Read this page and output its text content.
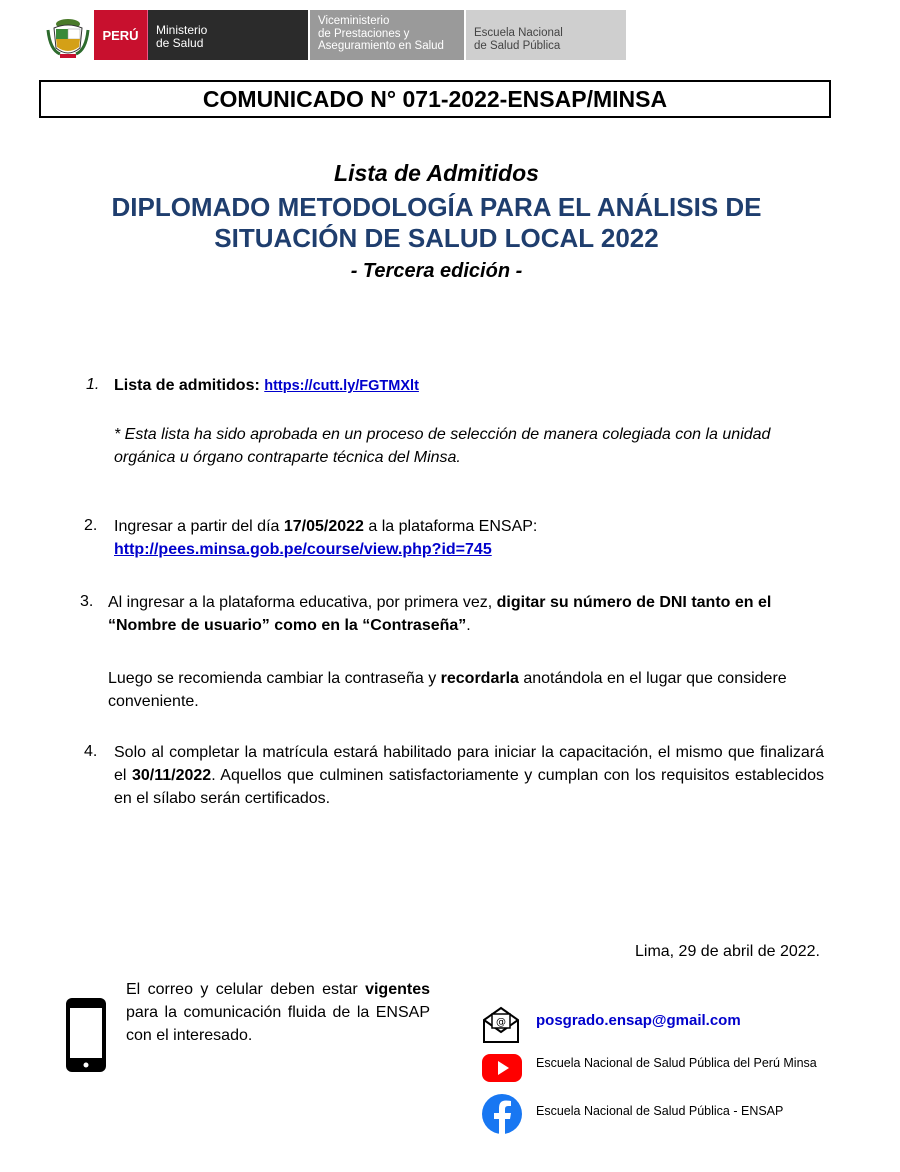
PERÚ	Ministerio
de Salud
Viceministerio
de Prestaciones y
Aseguramiento en Salud
Escuela Nacional
de Salud Pública
COMUNICADO N° 071-2022-ENSAP/MINSA
Lista de Admitidos
DIPLOMADO METODOLOGÍA PARA EL ANÁLISIS DE
SITUACIÓN DE SALUD LOCAL 2022
- Tercera edición -
1. Lista de admitidos: https://cutt.ly/FGTMXlt
* Esta lista ha sido aprobada en un proceso de selección de manera colegiada con la unidad orgánica u órgano contraparte técnica del Minsa.
2. Ingresar a partir del día 17/05/2022 a la plataforma ENSAP:
http://pees.minsa.gob.pe/course/view.php?id=745
3. Al ingresar a la plataforma educativa, por primera vez, digitar su número de DNI tanto en el “Nombre de usuario” como en la “Contraseña”.
Luego se recomienda cambiar la contraseña y recordarla anotándola en el lugar que considere conveniente.
4. Solo al completar la matrícula estará habilitado para iniciar la capacitación, el mismo que finalizará el 30/11/2022. Aquellos que culminen satisfactoriamente y cumplan con los requisitos establecidos en el sílabo serán certificados.
Lima, 29 de abril de 2022.
El correo y celular deben estar vigentes para la comunicación fluida de la ENSAP con el interesado.
@ posgrado.ensap@gmail.com
Escuela Nacional de Salud Pública del Perú Minsa
Escuela Nacional de Salud Pública - ENSAP
